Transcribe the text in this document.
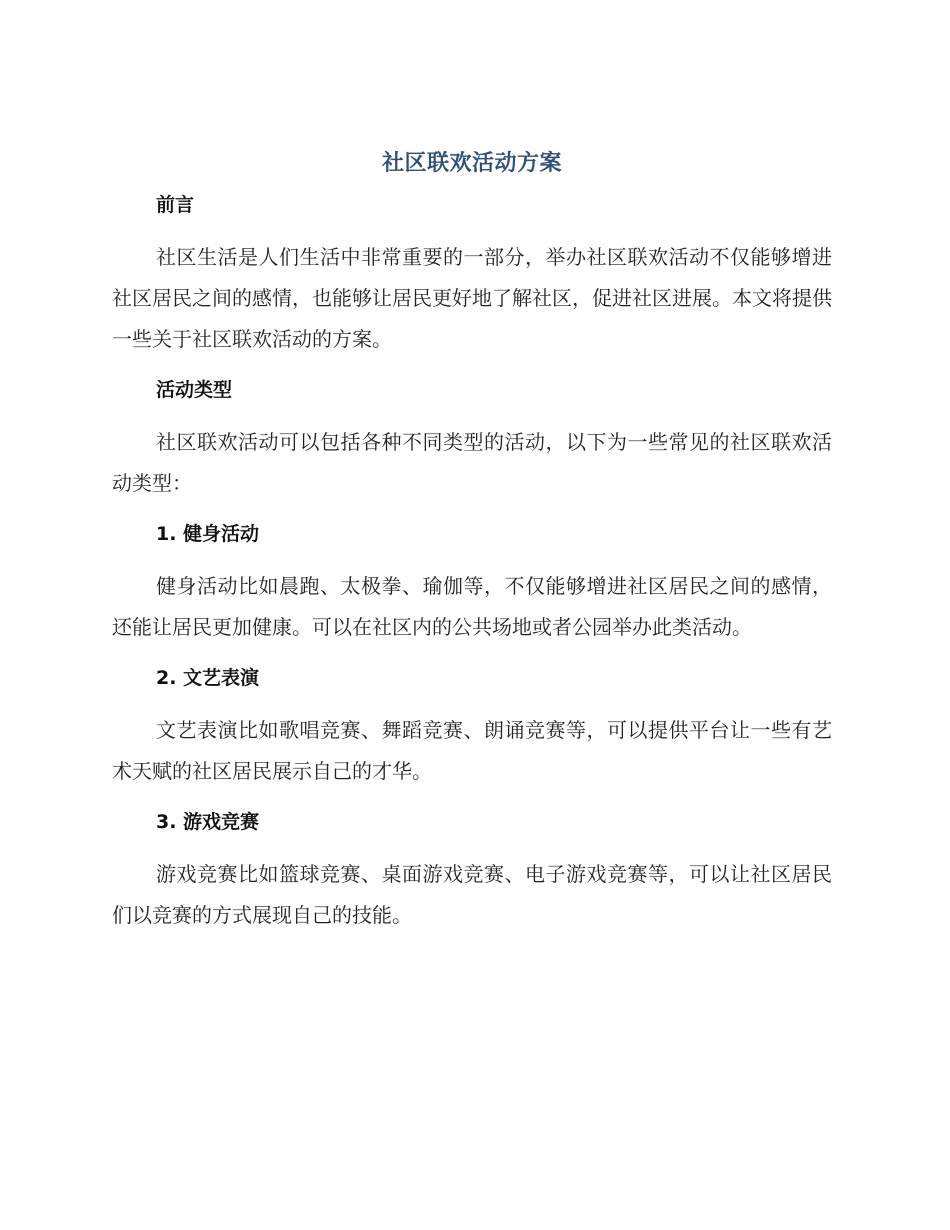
社区联欢活动方案
前言

社区生活是人们生活中非常重要的一部分，举办社区联欢活动不仅能够增进社区居民之间的感情，也能够让居民更好地了解社区，促进社区进展。本文将提供一些关于社区联欢活动的方案。

活动类型

社区联欢活动可以包括各种不同类型的活动，以下为一些常见的社区联欢活动类型：

1. 健身活动

健身活动比如晨跑、太极拳、瑜伽等，不仅能够增进社区居民之间的感情，还能让居民更加健康。可以在社区内的公共场地或者公园举办此类活动。

2. 文艺表演

文艺表演比如歌唱竞赛、舞蹈竞赛、朗诵竞赛等，可以提供平台让一些有艺术天赋的社区居民展示自己的才华。

3. 游戏竞赛

游戏竞赛比如篮球竞赛、桌面游戏竞赛、电子游戏竞赛等，可以让社区居民们以竞赛的方式展现自己的技能。
